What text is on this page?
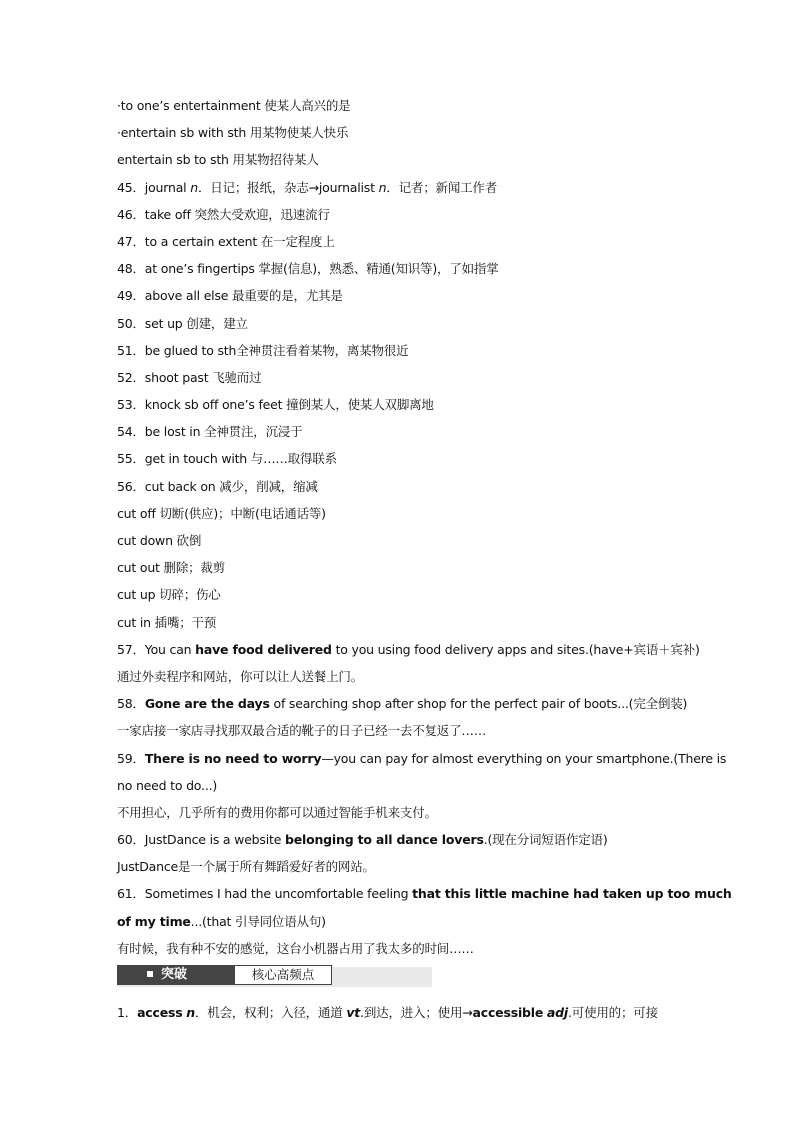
·to one’s entertainment 使某人高兴的是
·entertain sb with sth 用某物使某人快乐
entertain sb to sth 用某物招待某人
45．journal n．日记；报纸，杂志→journalist n．记者；新闻工作者
46．take off 突然大受欢迎，迅速流行
47．to a certain extent 在一定程度上
48．at one’s fingertips 掌握(信息)，熟悉、精通(知识等)，了如指掌
49．above all else 最重要的是，尤其是
50．set up 创建，建立
51．be glued to sth全神贯注看着某物，离某物很近
52．shoot past 飞驰而过
53．knock sb off one’s feet 撞倒某人，使某人双脚离地
54．be lost in 全神贯注，沉浸于
55．get in touch with 与……取得联系
56．cut back on 减少，削减，缩减
cut off 切断(供应)；中断(电话通话等)
cut down 砍倒
cut out 删除；裁剪
cut up 切碎；伤心
cut in 插嘴；干预
57．You can have food delivered to you using food delivery apps and sites.(have+宾语＋宾补)
通过外卖程序和网站，你可以让人送餐上门。
58．Gone are the days of searching shop after shop for the perfect pair of boots...(完全倒装)
一家店接一家店寻找那双最合适的靴子的日子已经一去不复返了……
59．There is no need to worry—you can pay for almost everything on your smartphone.(There is
no need to do...)
不用担心，几乎所有的费用你都可以通过智能手机来支付。
60．JustDance is a website belonging to all dance lovers.(现在分词短语作定语)
JustDance是一个属于所有舞蹈爱好者的网站。
61．Sometimes I had the uncomfortable feeling that this little machine had taken up too much
of my time...(that 引导同位语从句)
有时候，我有种不安的感觉，这台小机器占用了我太多的时间……
突破	核心高频点
1．access n．机会，权利；入径，通道 vt.到达，进入；使用→accessible adj.可使用的；可接
